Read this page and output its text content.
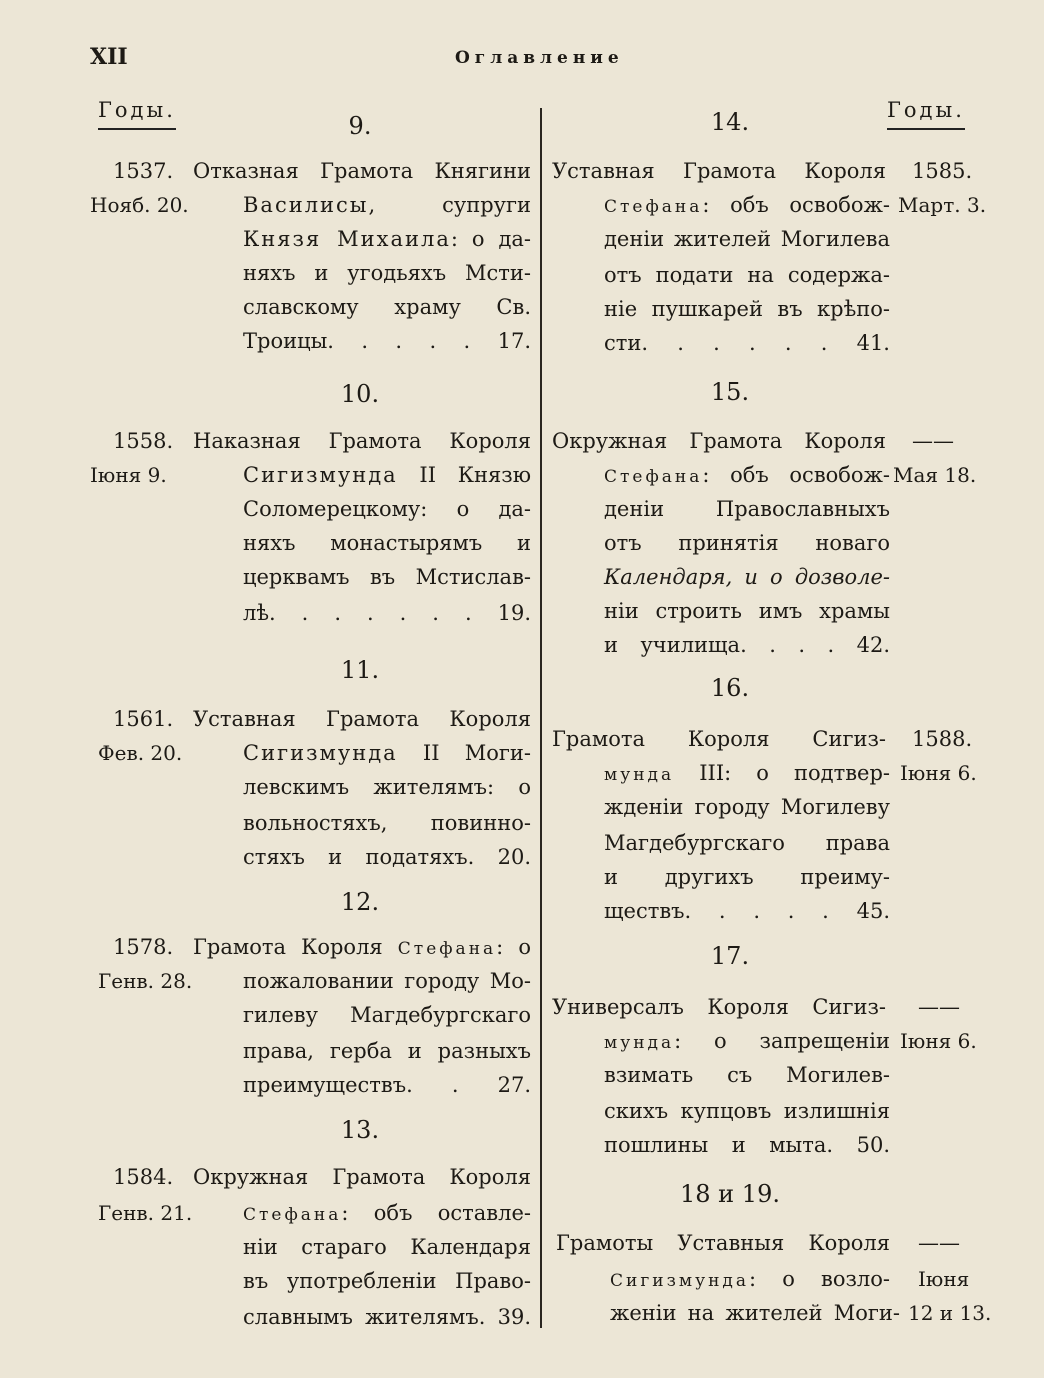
XII	Оглавление
Годы.	Годы.
9.
1537.
Нояб. 20.
Отказная Грамота Княгини
Василисы, супруги
Князя Михаила: о да-
няхъ и угодьяхъ Мсти-
славскому храму Св.
Троицы. . . . . 17.
10.
1558.
Іюня 9.
Наказная Грамота Короля
Сигизмунда II Князю
Соломерецкому: о да-
няхъ монастырямъ и
церквамъ въ Мстислав-
лѣ. . . . . . . 19.
11.
1561.
Фев. 20.
Уставная Грамота Короля
Сигизмунда II Моги-
левскимъ жителямъ: о
вольностяхъ, повинно-
стяхъ и податяхъ. 20.
12.
1578.
Генв. 28.
Грамота Короля Стефана: о
пожаловании городу Мо-
гилеву Магдебургскаго
права, герба и разныхъ
преимуществъ. . 27.
13.
1584.
Генв. 21.
Окружная Грамота Короля
Стефана: объ оставле-
ніи стараго Календаря
въ употребленіи Право-
славнымъ жителямъ. 39.
14.
1585.
Март. 3.
Уставная Грамота Короля
Стефана: объ освобож-
деніи жителей Могилева
отъ подати на содержа-
ніе пушкарей въ крѣпо-
сти. . . . . . 41.
15.
——
Мая 18.
Окружная Грамота Короля
Стефана: объ освобож-
деніи Православныхъ
отъ принятія новаго
Календаря, и о дозволе-
ніи строить имъ храмы
и училища. . . . 42.
16.
1588.
Іюня 6.
Грамота Короля Сигиз-
мунда III: о подтвер-
жденіи городу Могилеву
Магдебургскаго права
и другихъ преиму-
ществъ. . . . . 45.
17.
——
Іюня 6.
Универсалъ Короля Сигиз-
мунда: о запрещеніи
взимать съ Могилев-
скихъ купцовъ излишнія
пошлины и мыта. 50.
18 и 19.
——
Іюня
12 и 13.
Грамоты Уставныя Короля
Сигизмунда: о возло-
женіи на жителей Моги-
